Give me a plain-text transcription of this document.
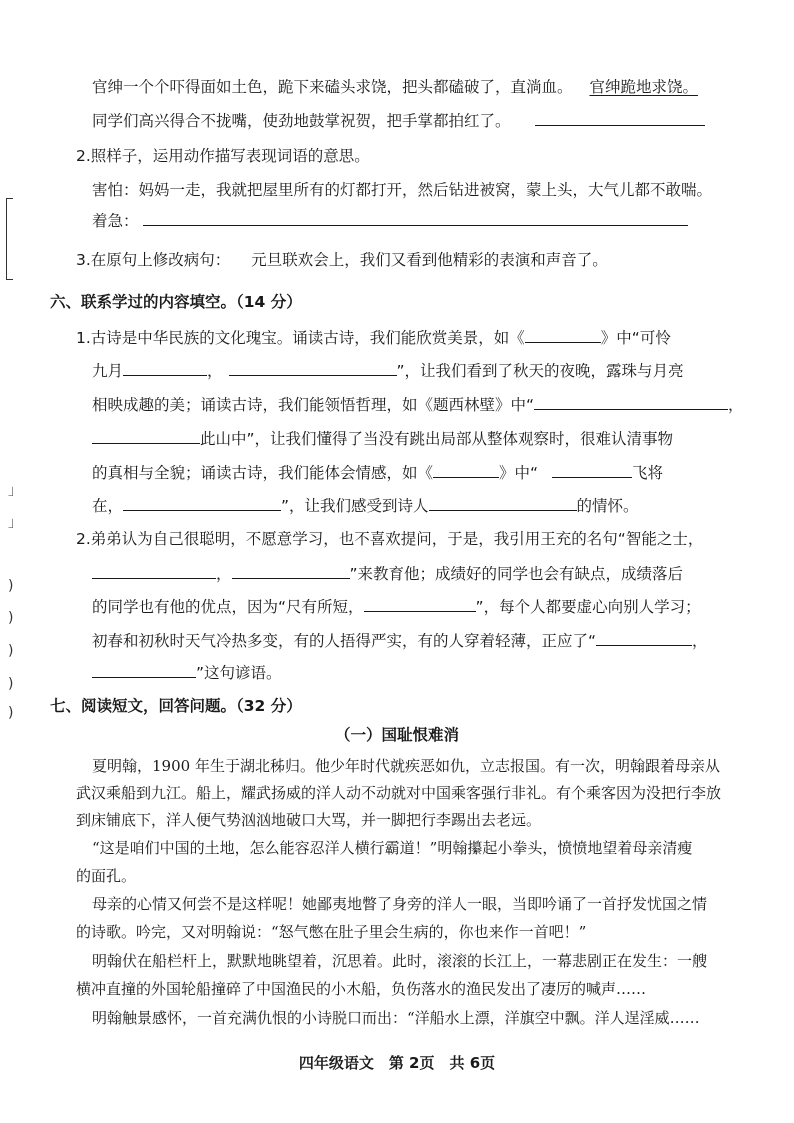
」
」
)
)
)
)
)
官绅一个个吓得面如土色，跪下来磕头求饶，把头都磕破了，直淌血。 官绅跪地求饶。
同学们高兴得合不拢嘴，使劲地鼓掌祝贺，把手掌都拍红了。
2.照样子，运用动作描写表现词语的意思。
害怕：妈妈一走，我就把屋里所有的灯都打开，然后钻进被窝，蒙上头，大气儿都不敢喘。
着急：
3.在原句上修改病句： 元旦联欢会上，我们又看到他精彩的表演和声音了。
六、联系学过的内容填空。（14 分）
1.古诗是中华民族的文化瑰宝。诵读古诗，我们能欣赏美景，如《	》中“可怜
九月	，	”，让我们看到了秋天的夜晚，露珠与月亮
相映成趣的美；诵读古诗，我们能领悟哲理，如《题西林壁》中“	，
此山中”，让我们懂得了当没有跳出局部从整体观察时，很难认清事物
的真相与全貌；诵读古诗，我们能体会情感，如《	》中“	飞将
在，	”，让我们感受到诗人	的情怀。
2.弟弟认为自己很聪明，不愿意学习，也不喜欢提问，于是，我引用王充的名句“智能之士，
，	”来教育他；成绩好的同学也会有缺点，成绩落后
的同学也有他的优点，因为“尺有所短，	”，每个人都要虚心向别人学习；
初春和初秋时天气冷热多变，有的人捂得严实，有的人穿着轻薄，正应了“	，
”这句谚语。
七、阅读短文，回答问题。（32 分）
（一）国耻恨难消
夏明翰，1900 年生于湖北秭归。他少年时代就疾恶如仇，立志报国。有一次，明翰跟着母亲从
武汉乘船到九江。船上，耀武扬威的洋人动不动就对中国乘客强行非礼。有个乘客因为没把行李放
到床铺底下，洋人便气势汹汹地破口大骂，并一脚把行李踢出去老远。
“这是咱们中国的土地，怎么能容忍洋人横行霸道！”明翰攥起小拳头，愤愤地望着母亲清瘦
的面孔。
母亲的心情又何尝不是这样呢！她鄙夷地瞥了身旁的洋人一眼，当即吟诵了一首抒发忧国之情
的诗歌。吟完，又对明翰说：“怒气憋在肚子里会生病的，你也来作一首吧！”
明翰伏在船栏杆上，默默地眺望着，沉思着。此时，滚滚的长江上，一幕悲剧正在发生：一艘
横冲直撞的外国轮船撞碎了中国渔民的小木船，负伤落水的渔民发出了凄厉的喊声……
明翰触景感怀，一首充满仇恨的小诗脱口而出：“洋船水上漂，洋旗空中飘。洋人逞淫威……
四年级语文　第 2页　共 6页
